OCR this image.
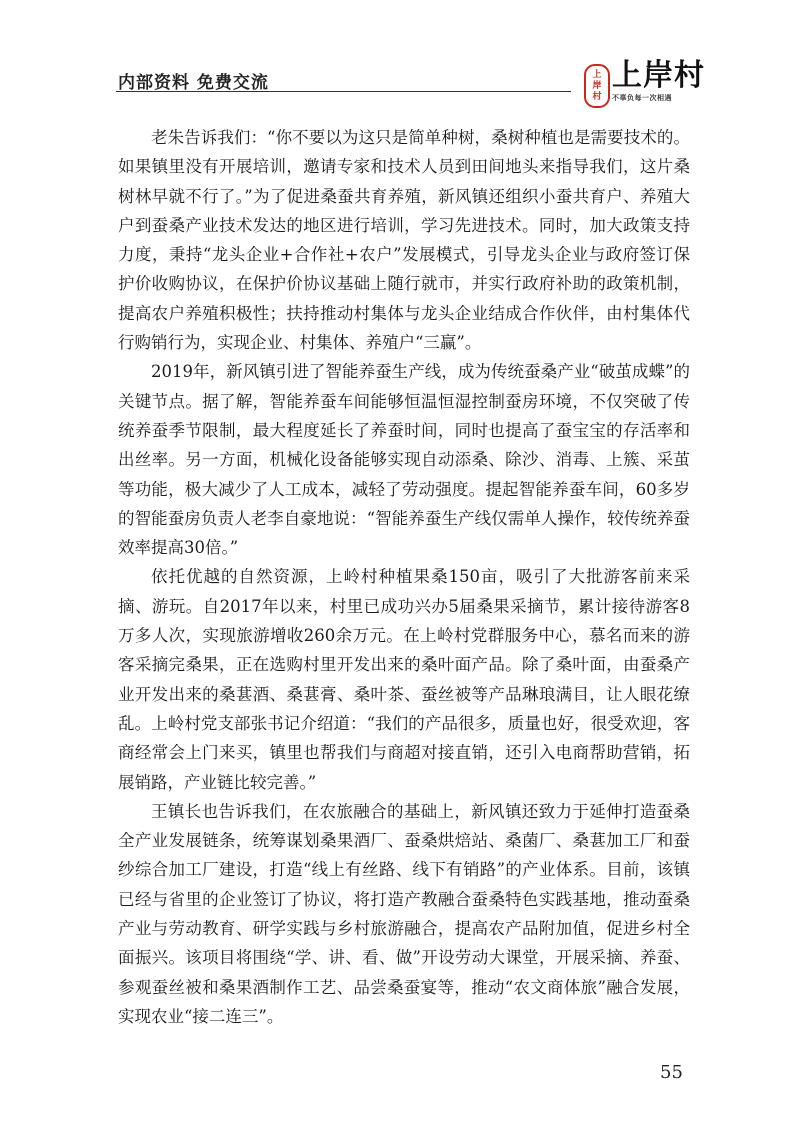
内部资料 免费交流	上
岸
村
上岸村
不辜负每一次相遇

老朱告诉我们：“你不要以为这只是简单种树，桑树种植也是需要技术的。如果镇里没有开展培训，邀请专家和技术人员到田间地头来指导我们，这片桑树林早就不行了。”为了促进桑蚕共育养殖，新风镇还组织小蚕共育户、养殖大户到蚕桑产业技术发达的地区进行培训，学习先进技术。同时，加大政策支持力度，秉持“龙头企业+合作社+农户”发展模式，引导龙头企业与政府签订保护价收购协议，在保护价协议基础上随行就市，并实行政府补助的政策机制，提高农户养殖积极性；扶持推动村集体与龙头企业结成合作伙伴，由村集体代行购销行为，实现企业、村集体、养殖户“三赢”。

2019年，新风镇引进了智能养蚕生产线，成为传统蚕桑产业“破茧成蝶”的关键节点。据了解，智能养蚕车间能够恒温恒湿控制蚕房环境，不仅突破了传统养蚕季节限制，最大程度延长了养蚕时间，同时也提高了蚕宝宝的存活率和出丝率。另一方面，机械化设备能够实现自动添桑、除沙、消毒、上簇、采茧等功能，极大减少了人工成本，减轻了劳动强度。提起智能养蚕车间，60多岁的智能蚕房负责人老李自豪地说：“智能养蚕生产线仅需单人操作，较传统养蚕效率提高30倍。”

依托优越的自然资源，上岭村种植果桑150亩，吸引了大批游客前来采摘、游玩。自2017年以来，村里已成功兴办5届桑果采摘节，累计接待游客8万多人次，实现旅游增收260余万元。在上岭村党群服务中心，慕名而来的游客采摘完桑果，正在选购村里开发出来的桑叶面产品。除了桑叶面，由蚕桑产业开发出来的桑葚酒、桑葚膏、桑叶茶、蚕丝被等产品琳琅满目，让人眼花缭乱。上岭村党支部张书记介绍道：“我们的产品很多，质量也好，很受欢迎，客商经常会上门来买，镇里也帮我们与商超对接直销，还引入电商帮助营销，拓展销路，产业链比较完善。”

王镇长也告诉我们，在农旅融合的基础上，新风镇还致力于延伸打造蚕桑全产业发展链条，统筹谋划桑果酒厂、蚕桑烘焙站、桑菌厂、桑葚加工厂和蚕纱综合加工厂建设，打造“线上有丝路、线下有销路”的产业体系。目前，该镇已经与省里的企业签订了协议，将打造产教融合蚕桑特色实践基地，推动蚕桑产业与劳动教育、研学实践与乡村旅游融合，提高农产品附加值，促进乡村全面振兴。该项目将围绕“学、讲、看、做”开设劳动大课堂，开展采摘、养蚕、参观蚕丝被和桑果酒制作工艺、品尝桑蚕宴等，推动“农文商体旅”融合发展，实现农业“接二连三”。

55
